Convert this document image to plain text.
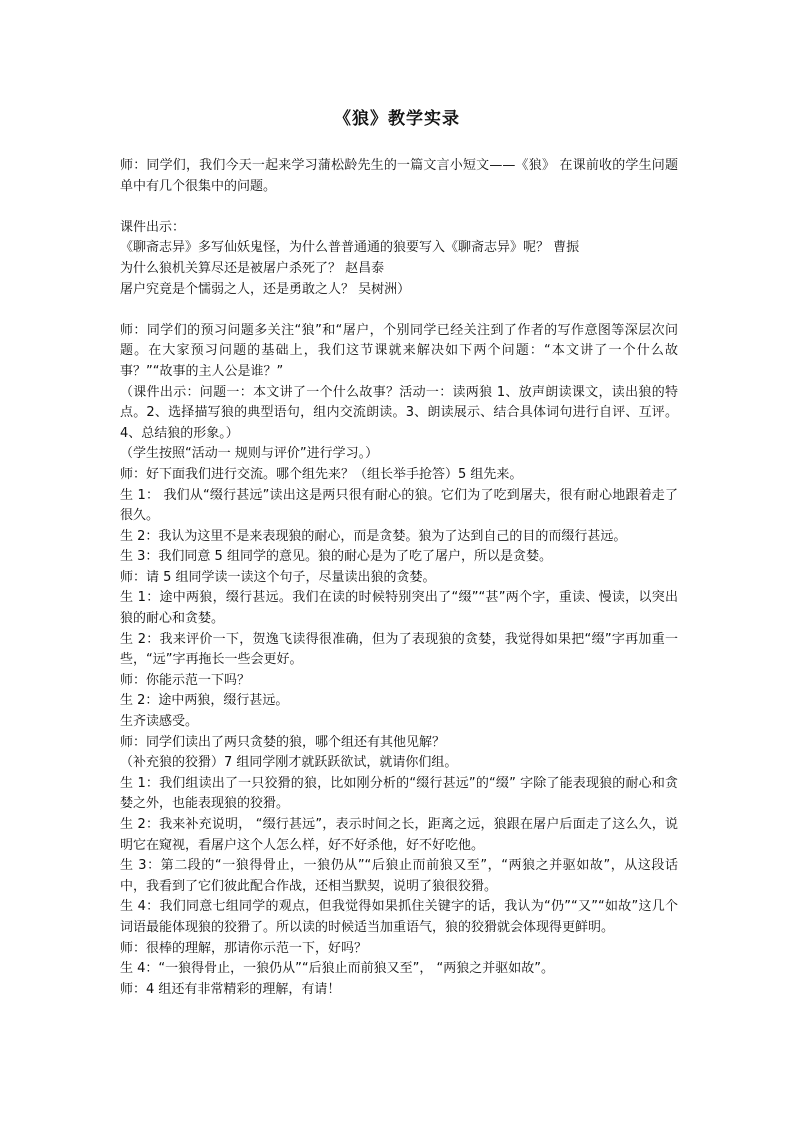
《狼》教学实录

师：同学们，我们今天一起来学习蒲松龄先生的一篇文言小短文——《狼》 在课前收的学生问题单中有几个很集中的问题。

课件出示：

《聊斋志异》多写仙妖鬼怪，为什么普普通通的狼要写入《聊斋志异》呢？ 曹振

为什么狼机关算尽还是被屠户杀死了？ 赵昌泰

屠户究竟是个懦弱之人，还是勇敢之人？ 吴树洲）

师：同学们的预习问题多关注“狼”和“屠户，个别同学已经关注到了作者的写作意图等深层次问题。在大家预习问题的基础上，我们这节课就来解决如下两个问题：“本文讲了一个什么故事？”“故事的主人公是谁？”

（课件出示：问题一：本文讲了一个什么故事？活动一：读两狼 1、放声朗读课文，读出狼的特点。2、选择描写狼的典型语句，组内交流朗读。3、朗读展示、结合具体词句进行自评、互评。4、总结狼的形象。）

（学生按照“活动一 规则与评价”进行学习。）

师：好下面我们进行交流。哪个组先来？（组长举手抢答）5 组先来。

生 1： 我们从“缀行甚远”读出这是两只很有耐心的狼。它们为了吃到屠夫，很有耐心地跟着走了很久。

生 2：我认为这里不是来表现狼的耐心，而是贪婪。狼为了达到自己的目的而缀行甚远。

生 3：我们同意 5 组同学的意见。狼的耐心是为了吃了屠户，所以是贪婪。

师：请 5 组同学读一读这个句子，尽量读出狼的贪婪。

生 1：途中两狼，缀行甚远。我们在读的时候特别突出了“缀”“甚”两个字，重读、慢读，以突出狼的耐心和贪婪。

生 2：我来评价一下，贺逸飞读得很准确，但为了表现狼的贪婪，我觉得如果把“缀”字再加重一些，“远”字再拖长一些会更好。

师：你能示范一下吗？

生 2：途中两狼，缀行甚远。

生齐读感受。

师：同学们读出了两只贪婪的狼，哪个组还有其他见解？

（补充狼的狡猾）7 组同学刚才就跃跃欲试，就请你们组。

生 1：我们组读出了一只狡猾的狼，比如刚分析的“缀行甚远”的“缀” 字除了能表现狼的耐心和贪婪之外，也能表现狼的狡猾。

生 2：我来补充说明， “缀行甚远”，表示时间之长，距离之远，狼跟在屠户后面走了这么久，说明它在窥视，看屠户这个人怎么样，好不好杀他，好不好吃他。

生 3：第二段的“一狼得骨止，一狼仍从”“后狼止而前狼又至”，“两狼之并驱如故”，从这段话中，我看到了它们彼此配合作战，还相当默契，说明了狼很狡猾。

生 4：我们同意七组同学的观点，但我觉得如果抓住关键字的话，我认为“仍”“又”“如故”这几个词语最能体现狼的狡猾了。所以读的时候适当加重语气，狼的狡猾就会体现得更鲜明。

师：很棒的理解，那请你示范一下，好吗？

生 4：“一狼得骨止，一狼仍从”“后狼止而前狼又至”， “两狼之并驱如故”。

师：4 组还有非常精彩的理解，有请！
